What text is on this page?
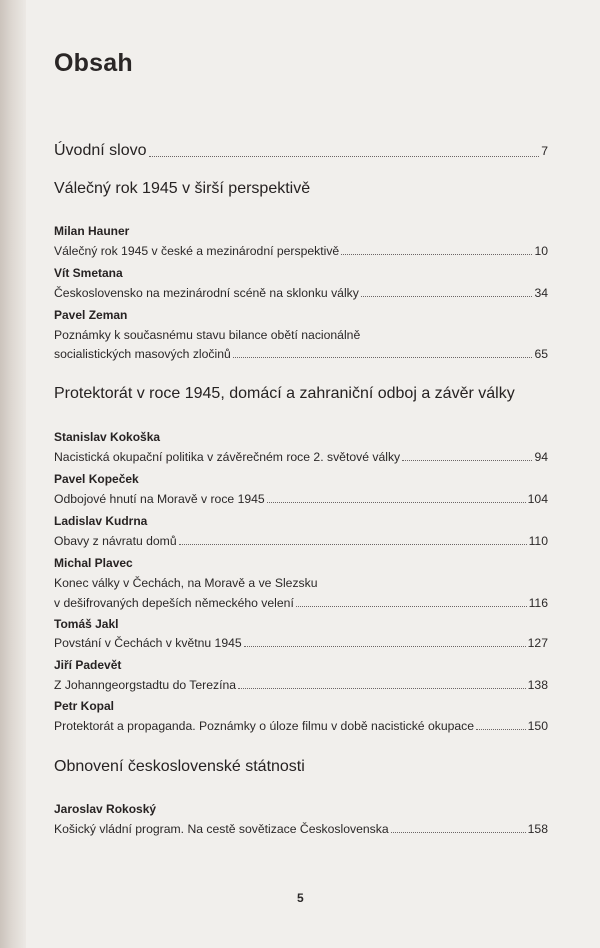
Obsah
Úvodní slovo	7
Válečný rok 1945 v širší perspektivě
Milan Hauner
Válečný rok 1945 v české a mezinárodní perspektivě	10
Vít Smetana
Československo na mezinárodní scéně na sklonku války	34
Pavel Zeman
Poznámky k současnému stavu bilance obětí nacionálně
socialistických masových zločinů	65
Protektorát v roce 1945, domácí a zahraniční odboj a závěr války
Stanislav Kokoška
Nacistická okupační politika v závěrečném roce 2. světové války	94
Pavel Kopeček
Odbojové hnutí na Moravě v roce 1945	104
Ladislav Kudrna
Obavy z návratu domů	110
Michal Plavec
Konec války v Čechách, na Moravě a ve Slezsku
v dešifrovaných depeších německého velení	116
Tomáš Jakl
Povstání v Čechách v květnu 1945	127
Jiří Padevět
Z Johanngeorgstadtu do Terezína	138
Petr Kopal
Protektorát a propaganda. Poznámky o úloze filmu v době nacistické okupace	150
Obnovení československé státnosti
Jaroslav Rokoský
Košický vládní program. Na cestě sovětizace Československa	158
5
